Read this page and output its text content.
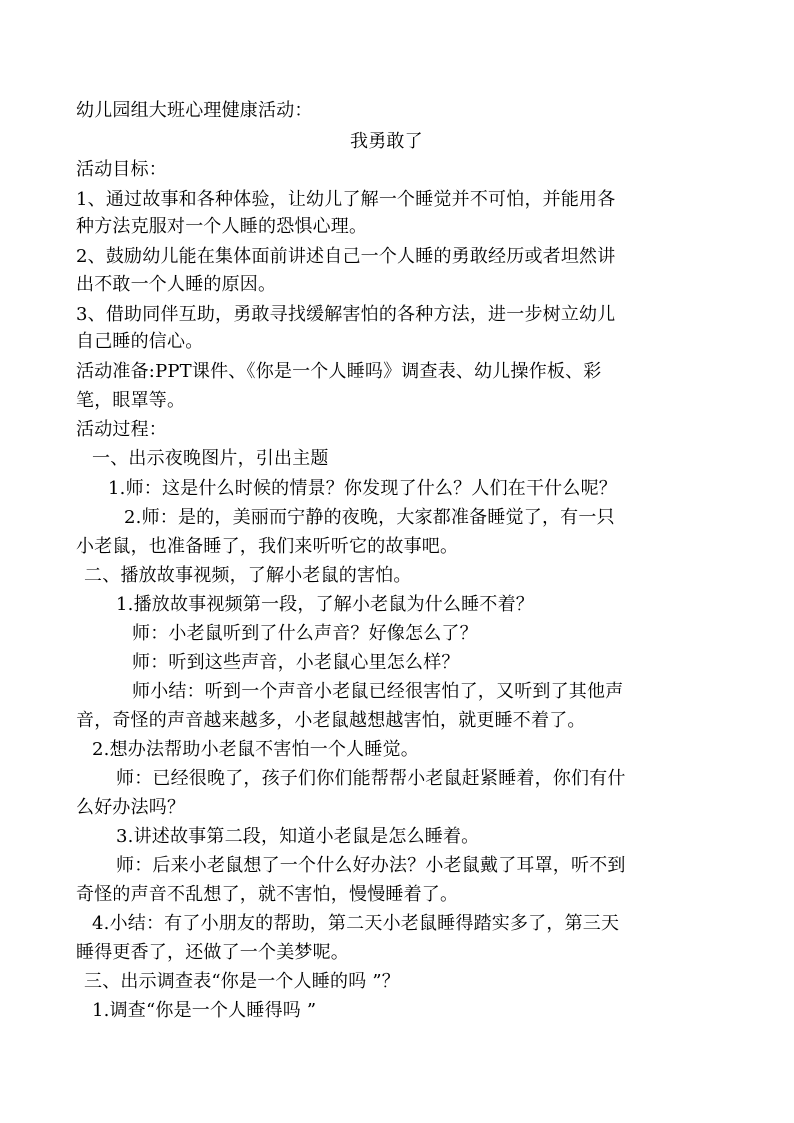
幼儿园组大班心理健康活动：
我勇敢了
活动目标：
1、通过故事和各种体验，让幼儿了解一个睡觉并不可怕，并能用各
种方法克服对一个人睡的恐惧心理。
2、鼓励幼儿能在集体面前讲述自己一个人睡的勇敢经历或者坦然讲
出不敢一个人睡的原因。
3、借助同伴互助，勇敢寻找缓解害怕的各种方法，进一步树立幼儿
自己睡的信心。
活动准备:PPT课件、《你是一个人睡吗》调查表、幼儿操作板、彩
笔，眼罩等。
活动过程：
一、出示夜晚图片，引出主题
1.师：这是什么时候的情景？你发现了什么？人们在干什么呢？
2.师：是的，美丽而宁静的夜晚，大家都准备睡觉了，有一只
小老鼠，也准备睡了，我们来听听它的故事吧。
二、播放故事视频，了解小老鼠的害怕。
1.播放故事视频第一段，了解小老鼠为什么睡不着？
师：小老鼠听到了什么声音？好像怎么了？
师：听到这些声音，小老鼠心里怎么样？
师小结：听到一个声音小老鼠已经很害怕了，又听到了其他声
音，奇怪的声音越来越多，小老鼠越想越害怕，就更睡不着了。
2.想办法帮助小老鼠不害怕一个人睡觉。
师：已经很晚了，孩子们你们能帮帮小老鼠赶紧睡着，你们有什
么好办法吗？
3.讲述故事第二段，知道小老鼠是怎么睡着。
师：后来小老鼠想了一个什么好办法？小老鼠戴了耳罩，听不到
奇怪的声音不乱想了，就不害怕，慢慢睡着了。
4.小结：有了小朋友的帮助，第二天小老鼠睡得踏实多了，第三天
睡得更香了，还做了一个美梦呢。
三、出示调查表“你是一个人睡的吗 ”？
1.调查“你是一个人睡得吗 ”
